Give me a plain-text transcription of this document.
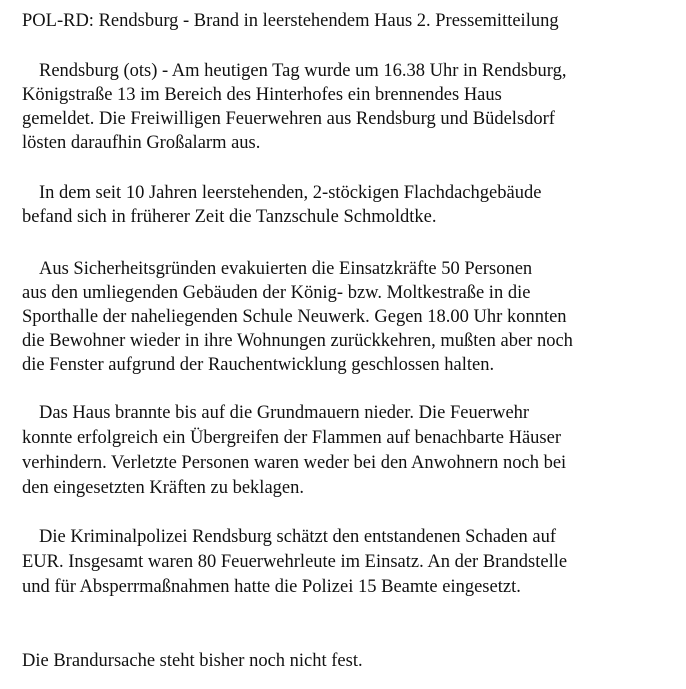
POL-RD: Rendsburg - Brand in leerstehendem Haus 2. Pressemitteilung
Rendsburg (ots) - Am heutigen Tag wurde um 16.38 Uhr in Rendsburg,
Königstraße 13 im Bereich des Hinterhofes ein brennendes Haus
gemeldet. Die Freiwilligen Feuerwehren aus Rendsburg und Büdelsdorf
lösten daraufhin Großalarm aus.
In dem seit 10 Jahren leerstehenden, 2-stöckigen Flachdachgebäude
befand sich in früherer Zeit die Tanzschule Schmoldtke.
Aus Sicherheitsgründen evakuierten die Einsatzkräfte 50 Personen
aus den umliegenden Gebäuden der König- bzw. Moltkestraße in die
Sporthalle der naheliegenden Schule Neuwerk. Gegen 18.00 Uhr konnten
die Bewohner wieder in ihre Wohnungen zurückkehren, mußten aber noch
die Fenster aufgrund der Rauchentwicklung geschlossen halten.
Das Haus brannte bis auf die Grundmauern nieder. Die Feuerwehr
konnte erfolgreich ein Übergreifen der Flammen auf benachbarte Häuser
verhindern. Verletzte Personen waren weder bei den Anwohnern noch bei
den eingesetzten Kräften zu beklagen.
Die Kriminalpolizei Rendsburg schätzt den entstandenen Schaden auf
EUR. Insgesamt waren 80 Feuerwehrleute im Einsatz. An der Brandstelle
und für Absperrmaßnahmen hatte die Polizei 15 Beamte eingesetzt.
Die Brandursache steht bisher noch nicht fest.
